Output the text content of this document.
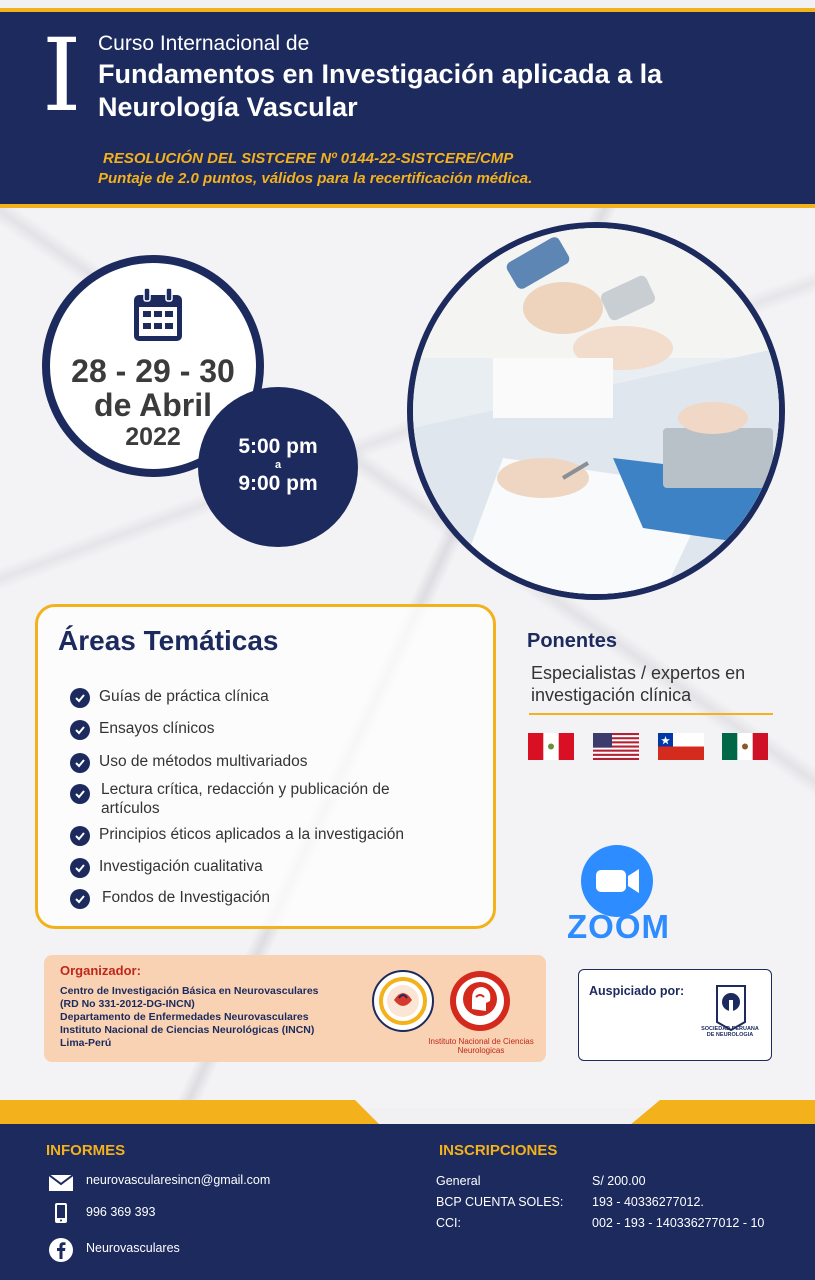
I Curso Internacional de
Fundamentos en Investigación aplicada a la Neurología Vascular
RESOLUCIÓN DEL SISTCERE Nº 0144-22-SISTCERE/CMP
Puntaje de 2.0 puntos, válidos para la recertificación médica.
28 - 29 - 30
de Abril
2022	5:00 pm
a
9:00 pm
Áreas Temáticas
Guías de práctica clínica
Ensayos clínicos
Uso de métodos multivariados
Lectura crítica, redacción y publicación de artículos
Principios éticos aplicados a la investigación
Investigación cualitativa
Fondos de Investigación
Ponentes
Especialistas / expertos en investigación clínica
ZOOM
Organizador:
Centro de Investigación Básica en Neurovasculares
(RD No 331-2012-DG-INCN)
Departamento de Enfermedades Neurovasculares
Instituto Nacional de Ciencias Neurológicas (INCN)
Lima-Perú	Instituto Nacional de Ciencias Neurologicas
Auspiciado por:
SOCIEDAD PERUANA DE NEUROLOGIA
INFORMES
neurovascularesincn@gmail.com
996 369 393
Neurovasculares
INSCRIPCIONES
General	S/ 200.00
BCP CUENTA SOLES: 193 - 40336277012.
CCI:	002 - 193 - 140336277012 - 10
